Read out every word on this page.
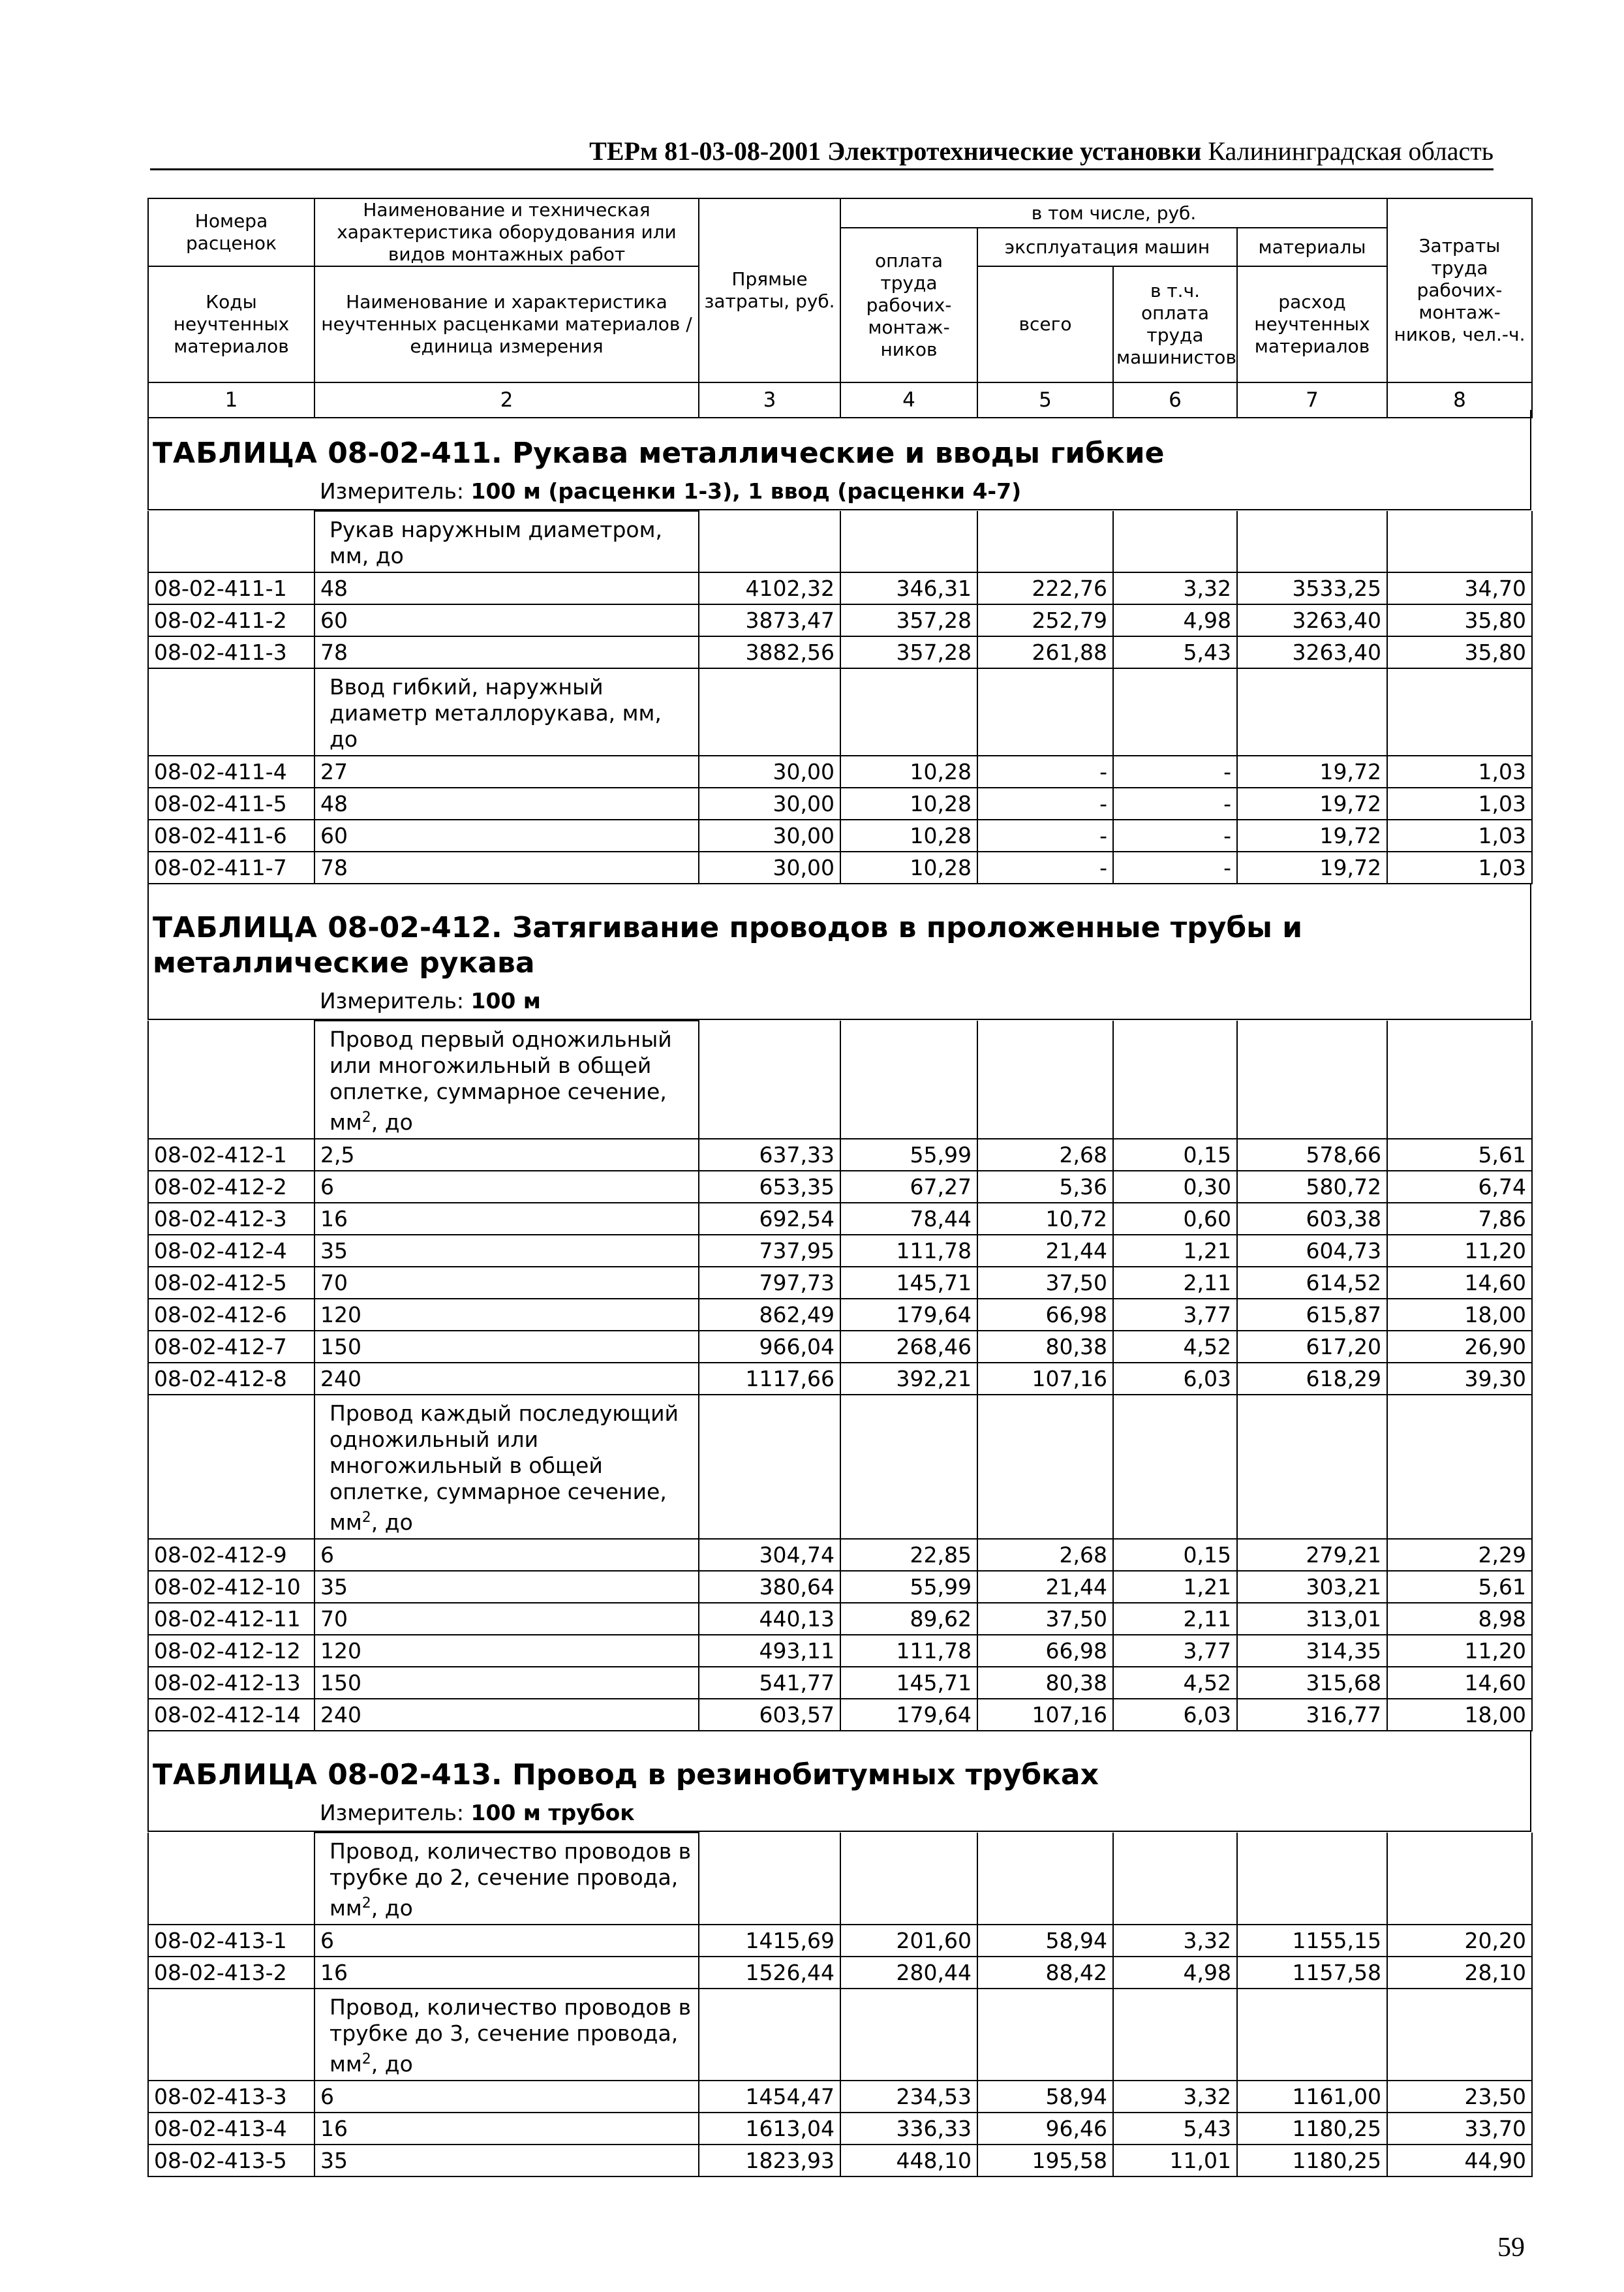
ТЕРм 81-03-08-2001 Электротехнические установки Калининградская область
Номера расценок	Наименование и техническая характеристика оборудования или видов монтажных работ	Прямые затраты, руб.	в том числе, руб.				Затраты труда рабочих-монтаж-ников, чел.-ч.
			оплата труда рабочих-монтаж-ников	эксплуатация машин		материалы	
Коды неучтенных материалов	Наименование и характеристика неучтенных расценками материалов / единица измерения			всего	в т.ч. оплата труда машинистов	расход неучтенных материалов	

1	2	3	4	5	6	7	8
ТАБЛИЦА 08-02-411. Рукава металлические и вводы гибкие
Измеритель: 100 м (расценки 1-3), 1 ввод (расценки 4-7)
	Рукав наружным диаметром, мм, до						
08-02-411-1	48	4102,32	346,31	222,76	3,32	3533,25	34,70
08-02-411-2	60	3873,47	357,28	252,79	4,98	3263,40	35,80
08-02-411-3	78	3882,56	357,28	261,88	5,43	3263,40	35,80
	Ввод гибкий, наружный диаметр металлорукава, мм, до						
08-02-411-4	27	30,00	10,28	-	-	19,72	1,03
08-02-411-5	48	30,00	10,28	-	-	19,72	1,03
08-02-411-6	60	30,00	10,28	-	-	19,72	1,03
08-02-411-7	78	30,00	10,28	-	-	19,72	1,03
ТАБЛИЦА 08-02-412. Затягивание проводов в проложенные трубы и металлические рукава
Измеритель: 100 м
	Провод первый одножильный или многожильный в общей оплетке, суммарное сечение, $мм^2$, до						
08-02-412-1	2,5	637,33	55,99	2,68	0,15	578,66	5,61
08-02-412-2	6	653,35	67,27	5,36	0,30	580,72	6,74
08-02-412-3	16	692,54	78,44	10,72	0,60	603,38	7,86
08-02-412-4	35	737,95	111,78	21,44	1,21	604,73	11,20
08-02-412-5	70	797,73	145,71	37,50	2,11	614,52	14,60
08-02-412-6	120	862,49	179,64	66,98	3,77	615,87	18,00
08-02-412-7	150	966,04	268,46	80,38	4,52	617,20	26,90
08-02-412-8	240	1117,66	392,21	107,16	6,03	618,29	39,30
	Провод каждый последующий одножильный или многожильный в общей оплетке, суммарное сечение, $мм^2$, до						
08-02-412-9	6	304,74	22,85	2,68	0,15	279,21	2,29
08-02-412-10	35	380,64	55,99	21,44	1,21	303,21	5,61
08-02-412-11	70	440,13	89,62	37,50	2,11	313,01	8,98
08-02-412-12	120	493,11	111,78	66,98	3,77	314,35	11,20
08-02-412-13	150	541,77	145,71	80,38	4,52	315,68	14,60
08-02-412-14	240	603,57	179,64	107,16	6,03	316,77	18,00
ТАБЛИЦА 08-02-413. Провод в резинобитумных трубках
Измеритель: 100 м трубок
	Провод, количество проводов в трубке до 2, сечение провода, $мм^2$, до						
08-02-413-1	6	1415,69	201,60	58,94	3,32	1155,15	20,20
08-02-413-2	16	1526,44	280,44	88,42	4,98	1157,58	28,10
	Провод, количество проводов в трубке до 3, сечение провода, $мм^2$, до						
08-02-413-3	6	1454,47	234,53	58,94	3,32	1161,00	23,50
08-02-413-4	16	1613,04	336,33	96,46	5,43	1180,25	33,70
08-02-413-5	35	1823,93	448,10	195,58	11,01	1180,25	44,90
59
